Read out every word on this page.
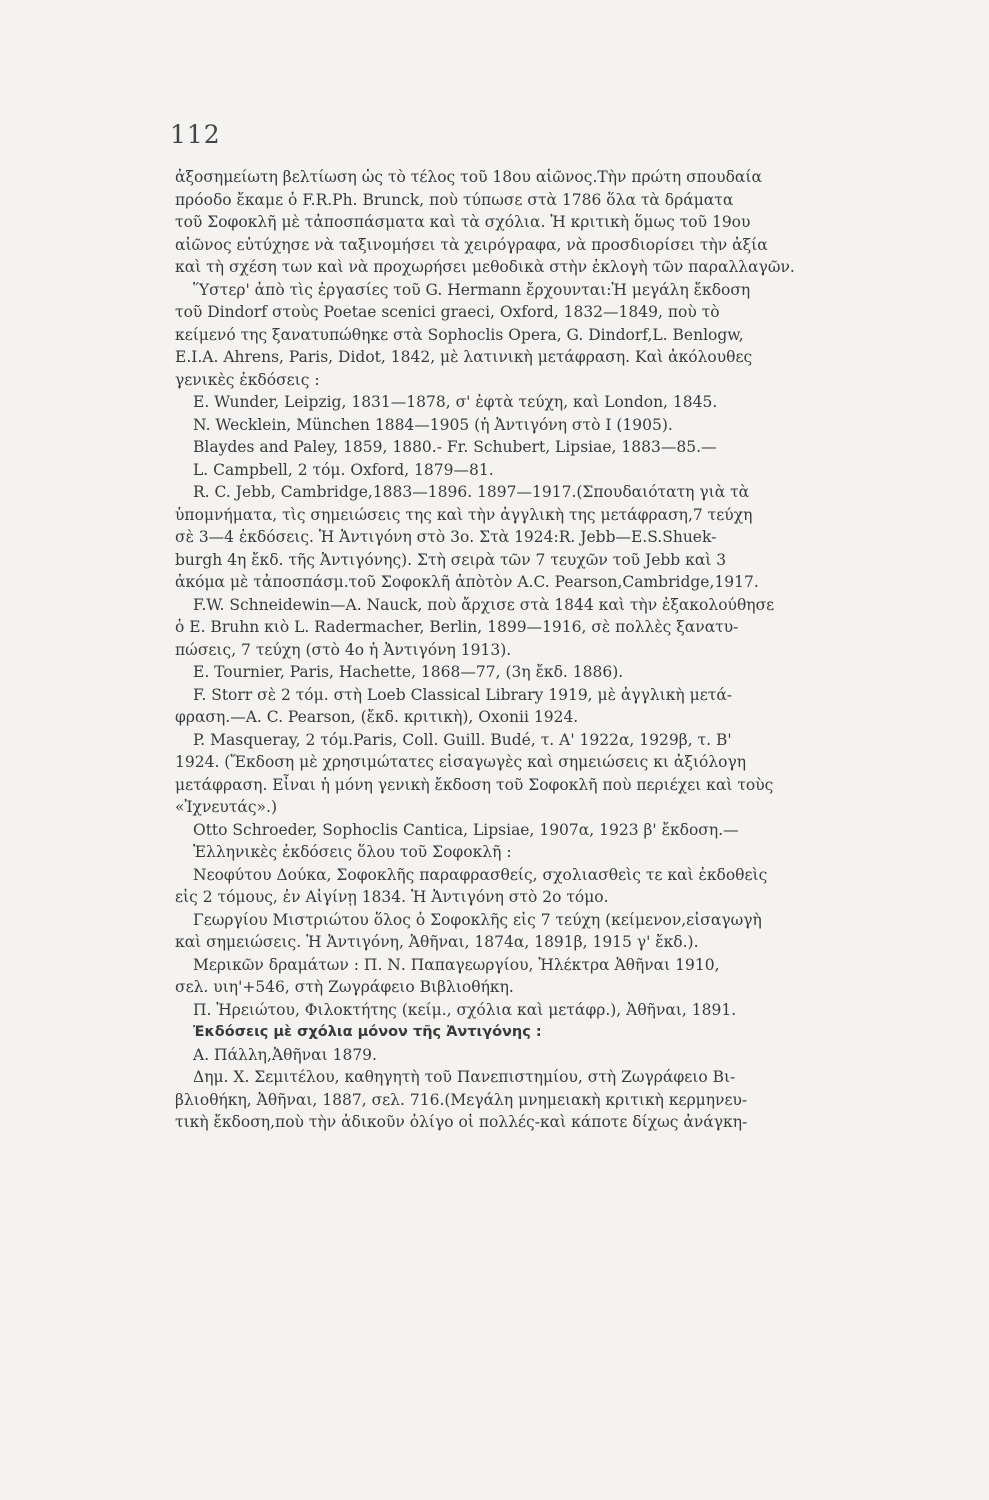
112
ἀξοσημείωτη βελτίωση ὡς τὸ τέλος τοῦ 18ου αἰῶνος.Τὴν πρώτη σπουδαία
πρόοδο ἔκαμε ὁ F.R.Ph. Brunck, ποὺ τύπωσε στὰ 1786 ὅλα τὰ δράματα
τοῦ Σοφοκλῆ μὲ τἀποσπάσματα καὶ τὰ σχόλια. Ἡ κριτικὴ ὅμως τοῦ 19ου
αἰῶνος εὐτύχησε νὰ ταξινομήσει τὰ χειρόγραφα, νὰ προσδιορίσει τὴν ἀξία
καὶ τὴ σχέση των καὶ νὰ προχωρήσει μεθοδικὰ στὴν ἐκλογὴ τῶν παραλλαγῶν.
Ὕστερ' ἀπὸ τὶς ἐργασίες τοῦ G. Hermann ἔρχουνται:Ἡ μεγάλη ἔκδοση
τοῦ Dindorf στοὺς Poetae scenici graeci, Oxford, 1832—1849, ποὺ τὸ
κείμενό της ξανατυπώθηκε στὰ Sophoclis Opera, G. Dindorf,L. Benlogw,
E.I.A. Ahrens, Paris, Didot, 1842, μὲ λατινικὴ μετάφραση. Καὶ ἀκόλουθες
γενικὲς ἐκδόσεις :
E. Wunder, Leipzig, 1831—1878, σ' ἑφτὰ τεύχη, καὶ London, 1845.
N. Wecklein, München 1884—1905 (ἡ Ἀντιγόνη στὸ I (1905).
Blaydes and Paley, 1859, 1880.- Fr. Schubert, Lipsiae, 1883—85.—
L. Campbell, 2 τόμ. Oxford, 1879—81.
R. C. Jebb, Cambridge,1883—1896. 1897—1917.(Σπουδαιότατη γιὰ τὰ
ὑπομνήματα, τὶς σημειώσεις της καὶ τὴν ἀγγλικὴ της μετάφραση,7 τεύχη
σὲ 3—4 ἐκδόσεις. Ἡ Ἀντιγόνη στὸ 3ο. Στὰ 1924:R. Jebb—E.S.Shuek-
burgh 4η ἔκδ. τῆς Ἀντιγόνης). Στὴ σειρὰ τῶν 7 τευχῶν τοῦ Jebb καὶ 3
ἀκόμα μὲ τἀποσπάσμ.τοῦ Σοφοκλῆ ἀπὸτὸν A.C. Pearson,Cambridge,1917.
F.W. Schneidewin—A. Nauck, ποὺ ἄρχισε στὰ 1844 καὶ τὴν ἐξακολούθησε
ὁ E. Bruhn κιὸ L. Radermacher, Berlin, 1899—1916, σὲ πολλὲς ξανατυ-
πώσεις, 7 τεύχη (στὸ 4ο ἡ Ἀντιγόνη 1913).
E. Tournier, Paris, Hachette, 1868—77, (3η ἔκδ. 1886).
F. Storr σὲ 2 τόμ. στὴ Loeb Classical Library 1919, μὲ ἀγγλικὴ μετά-
φραση.—A. C. Pearson, (ἔκδ. κριτικὴ), Oxonii 1924.
P. Masqueray, 2 τόμ.Paris, Coll. Guill. Budé, τ. Α' 1922α, 1929β, τ. Β'
1924. (Ἔκδοση μὲ χρησιμώτατες εἰσαγωγὲς καὶ σημειώσεις κι ἀξιόλογη
μετάφραση. Εἶναι ἡ μόνη γενικὴ ἔκδοση τοῦ Σοφοκλῆ ποὺ περιέχει καὶ τοὺς
«Ἰχνευτάς».)
Otto Schroeder, Sophoclis Cantica, Lipsiae, 1907α, 1923 β' ἔκδοση.—
Ἑλληνικὲς ἐκδόσεις ὅλου τοῦ Σοφοκλῆ :
Νεοφύτου Δούκα, Σοφοκλῆς παραφρασθείς, σχολιασθεὶς τε καὶ ἐκδοθεὶς
εἰς 2 τόμους, ἐν Αἰγίνῃ 1834. Ἡ Ἀντιγόνη στὸ 2ο τόμο.
Γεωργίου Μιστριώτου ὅλος ὁ Σοφοκλῆς εἰς 7 τεύχη (κείμενον,εἰσαγωγὴ
καὶ σημειώσεις. Ἡ Ἀντιγόνη, Ἀθῆναι, 1874α, 1891β, 1915 γ' ἔκδ.).
Μερικῶν δραμάτων : Π. Ν. Παπαγεωργίου, Ἠλέκτρα Ἀθῆναι 1910,
σελ. υιη'+546, στὴ Ζωγράφειο Βιβλιοθήκη.
Π. Ἡρειώτου, Φιλοκτήτης (κείμ., σχόλια καὶ μετάφρ.), Ἀθῆναι, 1891.
Ἐκδόσεις μὲ σχόλια μόνον τῆς Ἀντιγόνης :
Α. Πάλλη,Ἀθῆναι 1879.
Δημ. Χ. Σεμιτέλου, καθηγητὴ τοῦ Πανεπιστημίου, στὴ Ζωγράφειο Βι-
βλιοθήκη, Ἀθῆναι, 1887, σελ. 716.(Μεγάλη μνημειακὴ κριτικὴ κερμηνευ-
τικὴ ἔκδοση,ποὺ τὴν ἀδικοῦν ὀλίγο οἱ πολλές-καὶ κάποτε δίχως ἀνάγκη-
